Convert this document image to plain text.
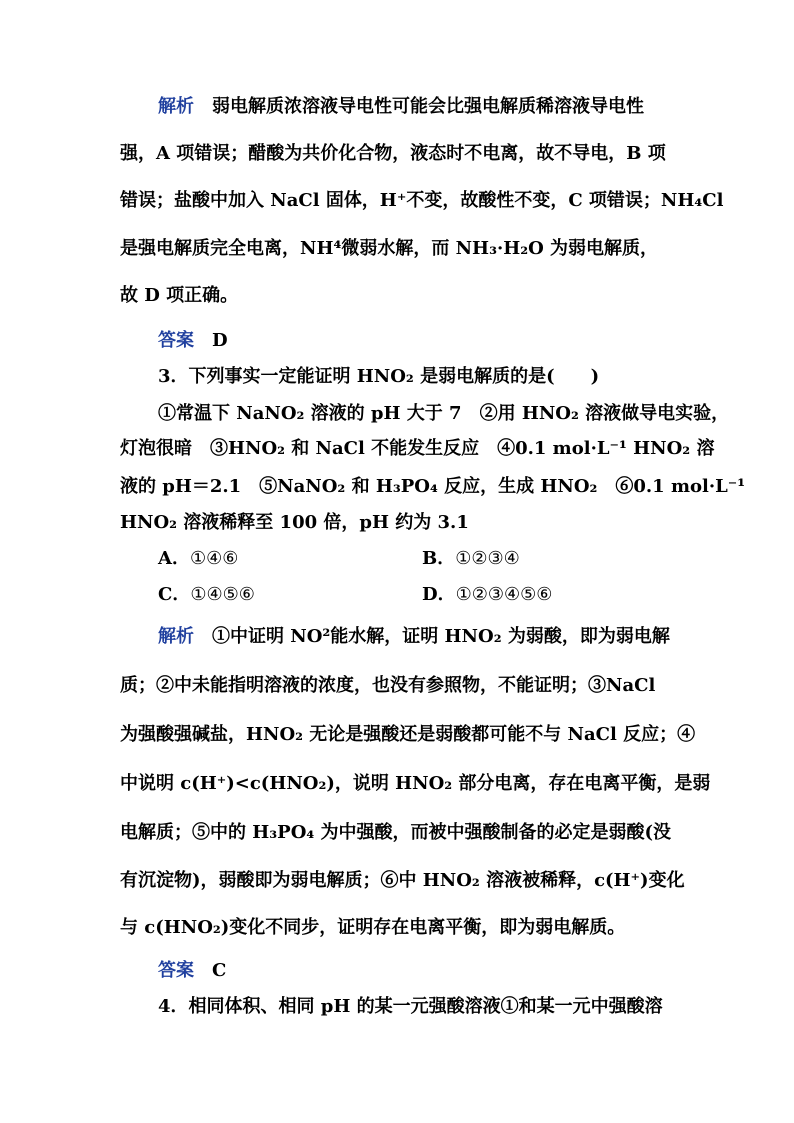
解析 弱电解质浓溶液导电性可能会比强电解质稀溶液导电性
强，A 项错误；醋酸为共价化合物，液态时不电离，故不导电，B 项
错误；盐酸中加入 NaCl 固体，H⁺不变，故酸性不变，C 项错误；NH₄Cl
是强电解质完全电离，NH⁴微弱水解，而 NH₃·H₂O 为弱电解质，
故 D 项正确。
答案 D
3．下列事实一定能证明 HNO₂ 是弱电解质的是(　　)
①常温下 NaNO₂ 溶液的 pH 大于 7　②用 HNO₂ 溶液做导电实验，
灯泡很暗　③HNO₂ 和 NaCl 不能发生反应　④0.1 mol·L⁻¹ HNO₂ 溶
液的 pH＝2.1　⑤NaNO₂ 和 H₃PO₄ 反应，生成 HNO₂　⑥0.1 mol·L⁻¹
HNO₂ 溶液稀释至 100 倍，pH 约为 3.1
A．①④⑥	B．①②③④
C．①④⑤⑥	D．①②③④⑤⑥
解析 ①中证明 NO²能水解，证明 HNO₂ 为弱酸，即为弱电解
质；②中未能指明溶液的浓度，也没有参照物，不能证明；③NaCl
为强酸强碱盐，HNO₂ 无论是强酸还是弱酸都可能不与 NaCl 反应；④
中说明 c(H⁺)<c(HNO₂)，说明 HNO₂ 部分电离，存在电离平衡，是弱
电解质；⑤中的 H₃PO₄ 为中强酸，而被中强酸制备的必定是弱酸(没
有沉淀物)，弱酸即为弱电解质；⑥中 HNO₂ 溶液被稀释，c(H⁺)变化
与 c(HNO₂)变化不同步，证明存在电离平衡，即为弱电解质。
答案 C
4．相同体积、相同 pH 的某一元强酸溶液①和某一元中强酸溶
